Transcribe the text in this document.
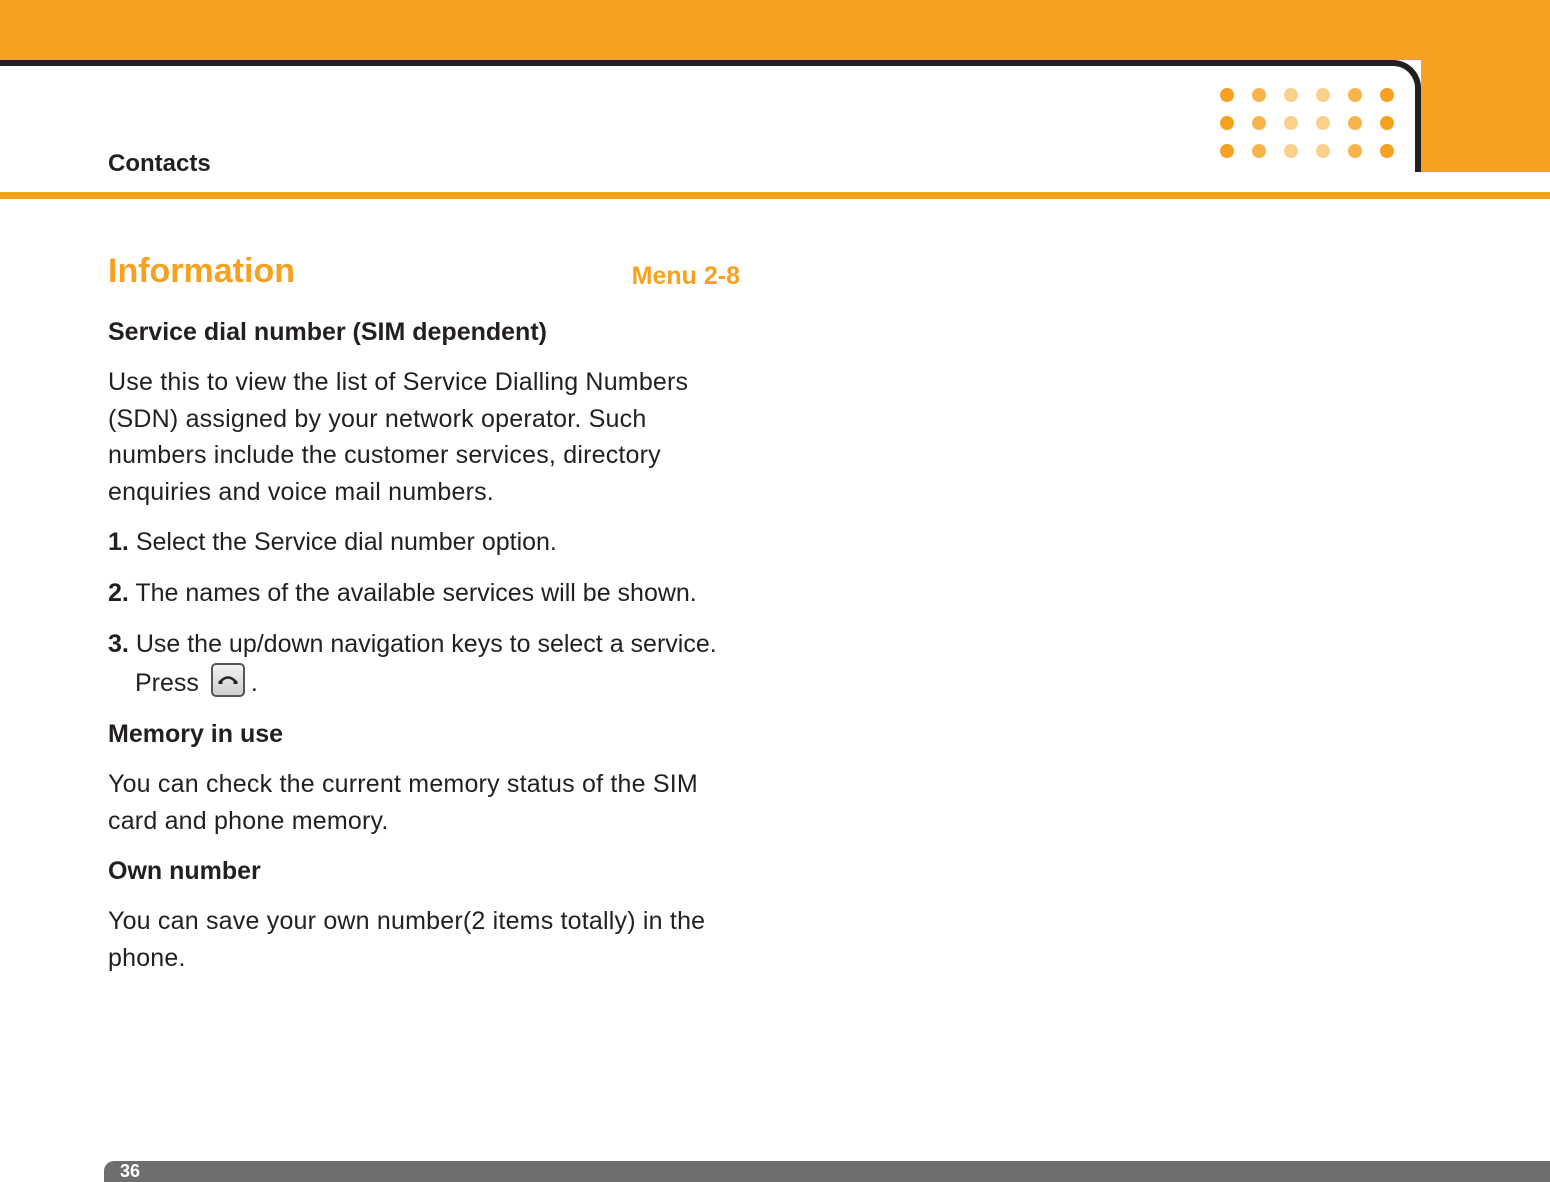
Contacts
Information	Menu 2-8
Service dial number (SIM dependent)

Use this to view the list of Service Dialling Numbers (SDN) assigned by your network operator. Such numbers include the customer services, directory enquiries and voice mail numbers.

1. Select the Service dial number option.
2. The names of the available services will be shown.
3. Use the up/down navigation keys to select a service. Press .
Memory in use

You can check the current memory status of the SIM card and phone memory.

Own number

You can save your own number(2 items totally) in the phone.

36
